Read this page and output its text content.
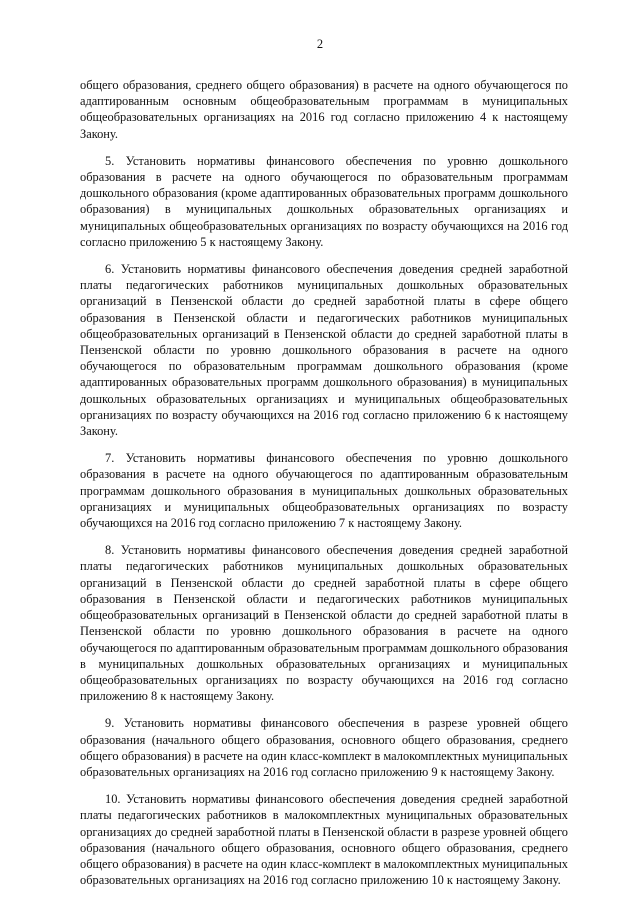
2

общего образования, среднего общего образования) в расчете на одного обучающегося по адаптированным основным общеобразовательным программам в муниципальных общеобразовательных организациях на 2016 год согласно приложению 4 к настоящему Закону.

5. Установить нормативы финансового обеспечения по уровню дошкольного образования в расчете на одного обучающегося по образовательным программам дошкольного образования (кроме адаптированных образовательных программ дошкольного образования) в муниципальных дошкольных образовательных организациях и муниципальных общеобразовательных организациях по возрасту обучающихся на 2016 год согласно приложению 5 к настоящему Закону.

6. Установить нормативы финансового обеспечения доведения средней заработной платы педагогических работников муниципальных дошкольных образовательных организаций в Пензенской области до средней заработной платы в сфере общего образования в Пензенской области и педагогических работников муниципальных общеобразовательных организаций в Пензенской области до средней заработной платы в Пензенской области по уровню дошкольного образования в расчете на одного обучающегося по образовательным программам дошкольного образования (кроме адаптированных образовательных программ дошкольного образования) в муниципальных дошкольных образовательных организациях и муниципальных общеобразовательных организациях по возрасту обучающихся на 2016 год согласно приложению 6 к настоящему Закону.

7. Установить нормативы финансового обеспечения по уровню дошкольного образования в расчете на одного обучающегося по адаптированным образовательным программам дошкольного образования в муниципальных дошкольных образовательных организациях и муниципальных общеобразовательных организациях по возрасту обучающихся на 2016 год согласно приложению 7 к настоящему Закону.

8. Установить нормативы финансового обеспечения доведения средней заработной платы педагогических работников муниципальных дошкольных образовательных организаций в Пензенской области до средней заработной платы в сфере общего образования в Пензенской области и педагогических работников муниципальных общеобразовательных организаций в Пензенской области до средней заработной платы в Пензенской области по уровню дошкольного образования в расчете на одного обучающегося по адаптированным образовательным программам дошкольного образования в муниципальных дошкольных образовательных организациях и муниципальных общеобразовательных организациях по возрасту обучающихся на 2016 год согласно приложению 8 к настоящему Закону.

9. Установить нормативы финансового обеспечения в разрезе уровней общего образования (начального общего образования, основного общего образования, среднего общего образования) в расчете на один класс-комплект в малокомплектных муниципальных образовательных организациях на 2016 год согласно приложению 9 к настоящему Закону.

10. Установить нормативы финансового обеспечения доведения средней заработной платы педагогических работников в малокомплектных муниципальных образовательных организациях до средней заработной платы в Пензенской области в разрезе уровней общего образования (начального общего образования, основного общего образования, среднего общего образования) в расчете на один класс-комплект в малокомплектных муниципальных образовательных организациях на 2016 год согласно приложению 10 к настоящему Закону.
